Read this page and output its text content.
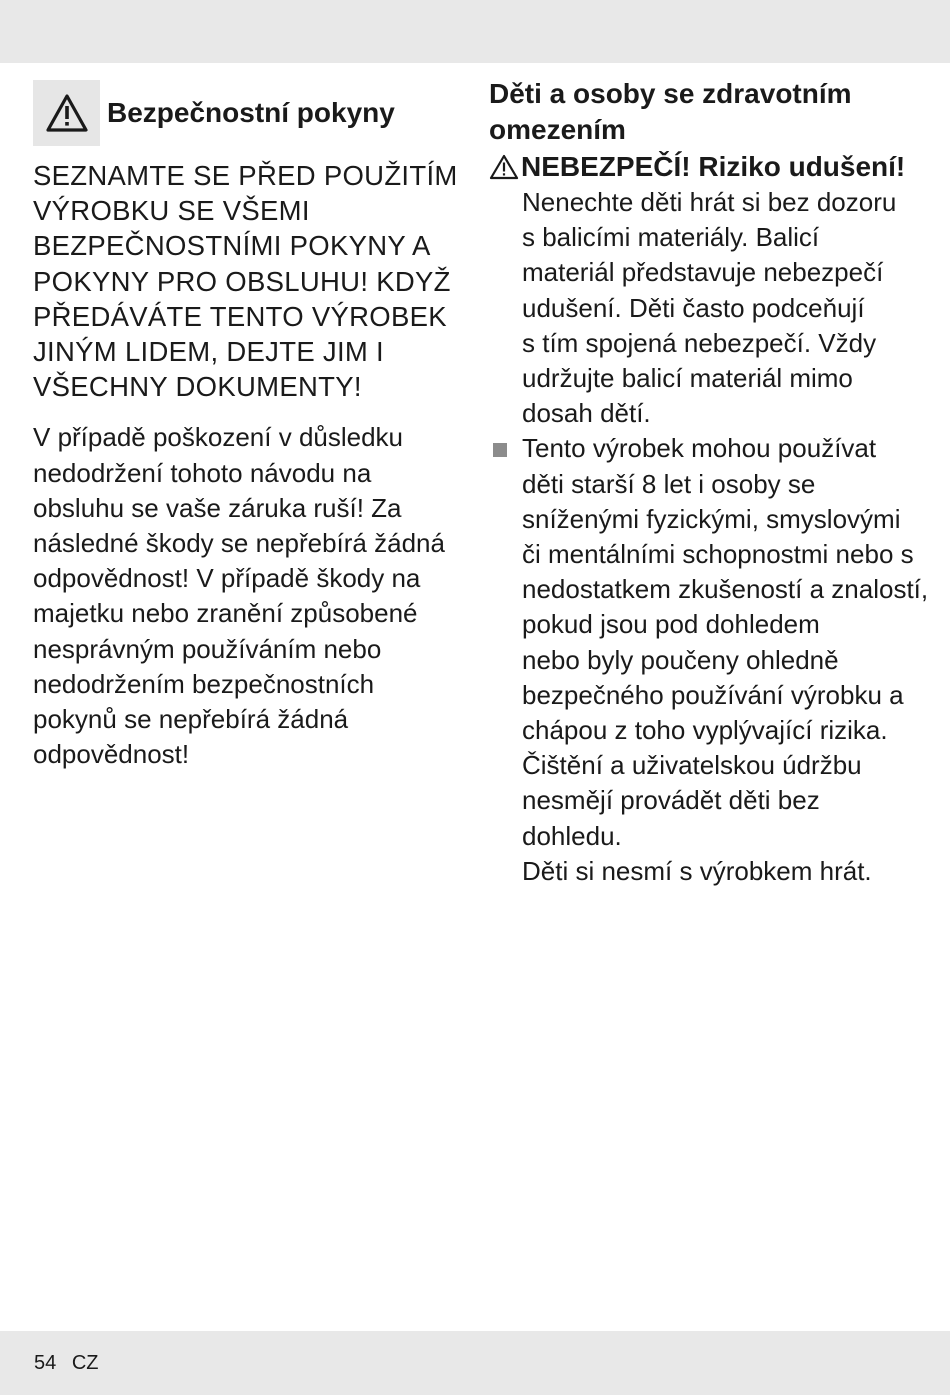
Bezpečnostní pokyny
SEZNAMTE SE PŘED POUŽITÍM
VÝROBKU SE VŠEMI
BEZPEČNOSTNÍMI POKYNY A
POKYNY PRO OBSLUHU! KDYŽ
PŘEDÁVÁTE TENTO VÝROBEK
JINÝM LIDEM, DEJTE JIM I
VŠECHNY DOKUMENTY!
V případě poškození v důsledku
nedodržení tohoto návodu na
obsluhu se vaše záruka ruší! Za
následné škody se nepřebírá žádná
odpovědnost! V případě škody na
majetku nebo zranění způsobené
nesprávným používáním nebo
nedodržením bezpečnostních
pokynů se nepřebírá žádná
odpovědnost!
Děti a osoby se zdravotním
omezením
NEBEZPEČÍ! Riziko udušení!
Nenechte děti hrát si bez dozoru
s balicími materiály. Balicí
materiál představuje nebezpečí
udušení. Děti často podceňují
s tím spojená nebezpečí. Vždy
udržujte balicí materiál mimo
dosah dětí.
Tento výrobek mohou používat
děti starší 8 let i osoby se
sníženými fyzickými, smyslovými
či mentálními schopnostmi nebo s
nedostatkem zkušeností a znalostí,
pokud jsou pod dohledem
nebo byly poučeny ohledně
bezpečného používání výrobku a
chápou z toho vyplývající rizika.
Čištění a uživatelskou údržbu
nesmějí provádět děti bez
dohledu.
Děti si nesmí s výrobkem hrát.
54 CZ
